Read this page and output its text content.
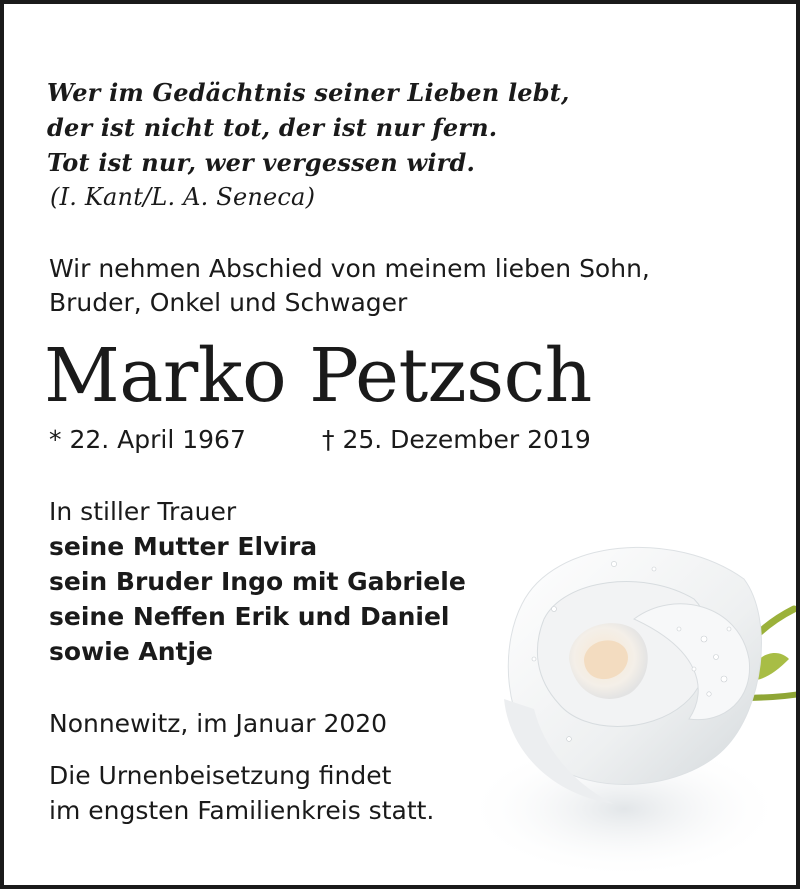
Wer im Gedächtnis seiner Lieben lebt,
der ist nicht tot, der ist nur fern.
Tot ist nur, wer vergessen wird.
(I. Kant/L. A. Seneca)
Wir nehmen Abschied von meinem lieben Sohn,
Bruder, Onkel und Schwager
Marko Petzsch
* 22. April 1967	† 25. Dezember 2019
In stiller Trauer
seine Mutter Elvira
sein Bruder Ingo mit Gabriele
seine Neffen Erik und Daniel
sowie Antje
Nonnewitz, im Januar 2020
Die Urnenbeisetzung findet
im engsten Familienkreis statt.
